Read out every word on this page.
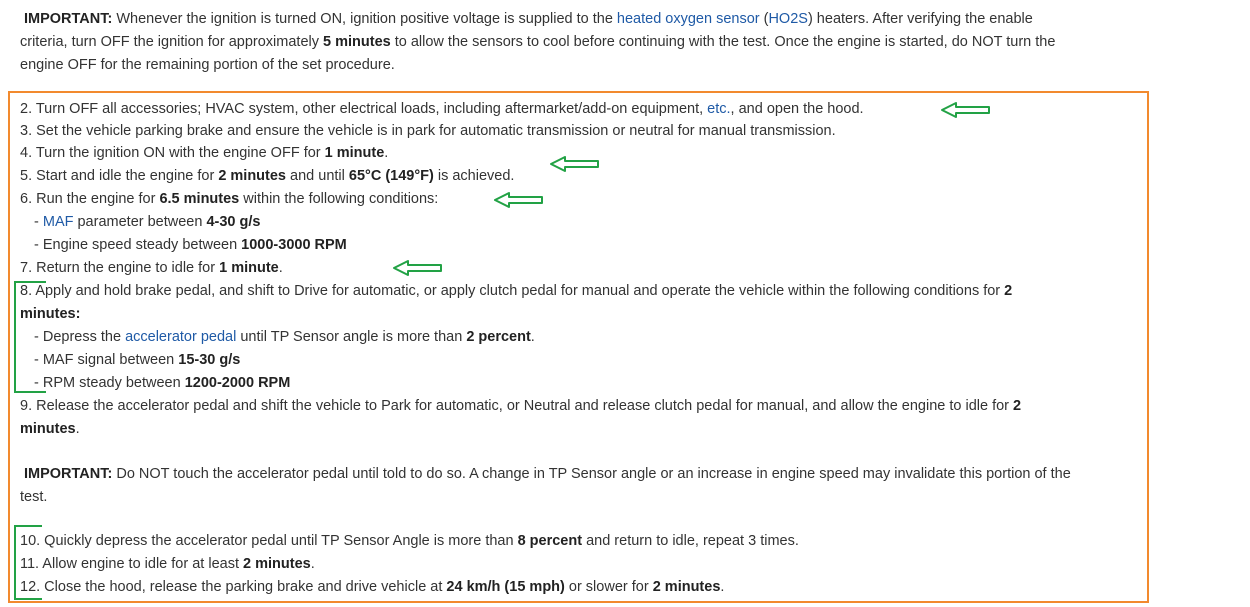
IMPORTANT: Whenever the ignition is turned ON, ignition positive voltage is supplied to the heated oxygen sensor (HO2S) heaters. After verifying the enable
criteria, turn OFF the ignition for approximately 5 minutes to allow the sensors to cool before continuing with the test. Once the engine is started, do NOT turn the
engine OFF for the remaining portion of the set procedure.
2. Turn OFF all accessories; HVAC system, other electrical loads, including aftermarket/add-on equipment, etc., and open the hood.
3. Set the vehicle parking brake and ensure the vehicle is in park for automatic transmission or neutral for manual transmission.
4. Turn the ignition ON with the engine OFF for 1 minute.
5. Start and idle the engine for 2 minutes and until 65°C (149°F) is achieved.
6. Run the engine for 6.5 minutes within the following conditions:
- MAF parameter between 4-30 g/s
- Engine speed steady between 1000-3000 RPM
7. Return the engine to idle for 1 minute.
8. Apply and hold brake pedal, and shift to Drive for automatic, or apply clutch pedal for manual and operate the vehicle within the following conditions for 2
minutes:
- Depress the accelerator pedal until TP Sensor angle is more than 2 percent.
- MAF signal between 15-30 g/s
- RPM steady between 1200-2000 RPM
9. Release the accelerator pedal and shift the vehicle to Park for automatic, or Neutral and release clutch pedal for manual, and allow the engine to idle for 2
minutes.
IMPORTANT: Do NOT touch the accelerator pedal until told to do so. A change in TP Sensor angle or an increase in engine speed may invalidate this portion of the
test.
10. Quickly depress the accelerator pedal until TP Sensor Angle is more than 8 percent and return to idle, repeat 3 times.
11. Allow engine to idle for at least 2 minutes.
12. Close the hood, release the parking brake and drive vehicle at 24 km/h (15 mph) or slower for 2 minutes.
